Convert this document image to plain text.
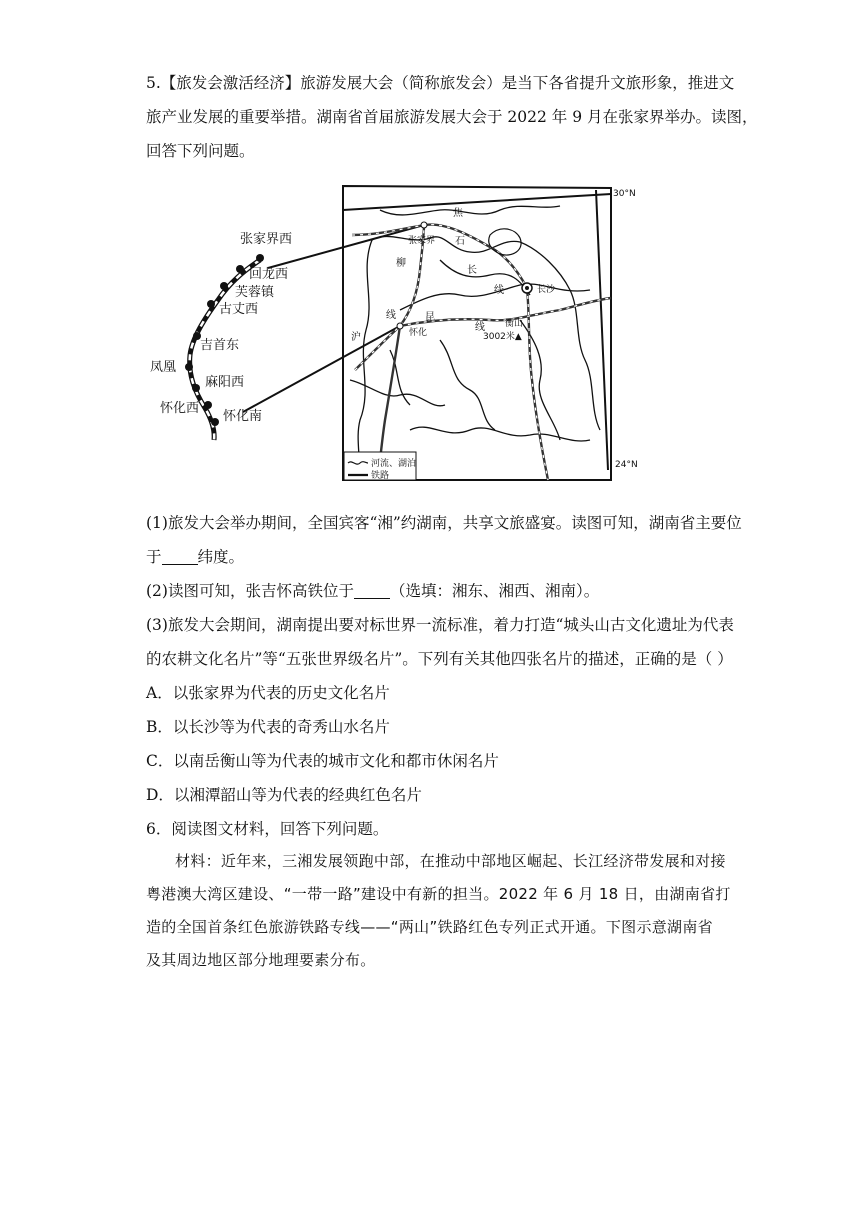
5.【旅发会激活经济】旅游发展大会（简称旅发会）是当下各省提升文旅形象，推进文
旅产业发展的重要举措。湖南省首届旅游发展大会于 2022 年 9 月在张家界举办。读图，
回答下列问题。
张家界西
回龙西
芙蓉镇
古丈西
吉首东
凤凰
麻阳西
怀化西
怀化南
30°N
24°N
焦
石
长
线
柳
线	昆
线
沪
张家界
长沙
衡山
3002米▲
怀化
河流、湖泊
铁路
(1)旅发大会举办期间，全国宾客“湘”约湖南，共享文旅盛宴。读图可知，湖南省主要位
于 纬度。
(2)读图可知，张吉怀高铁位于 （选填：湘东、湘西、湘南）。
(3)旅发大会期间，湖南提出要对标世界一流标准，着力打造“城头山古文化遗址为代表
的农耕文化名片”等“五张世界级名片”。下列有关其他四张名片的描述，正确的是（ ）
A．以张家界为代表的历史文化名片
B．以长沙等为代表的奇秀山水名片
C．以南岳衡山等为代表的城市文化和都市休闲名片
D．以湘潭韶山等为代表的经典红色名片
6．阅读图文材料，回答下列问题。
材料：近年来，三湘发展领跑中部，在推动中部地区崛起、长江经济带发展和对接
粤港澳大湾区建设、“一带一路”建设中有新的担当。2022 年 6 月 18 日，由湖南省打
造的全国首条红色旅游铁路专线——“两山”铁路红色专列正式开通。下图示意湖南省
及其周边地区部分地理要素分布。
